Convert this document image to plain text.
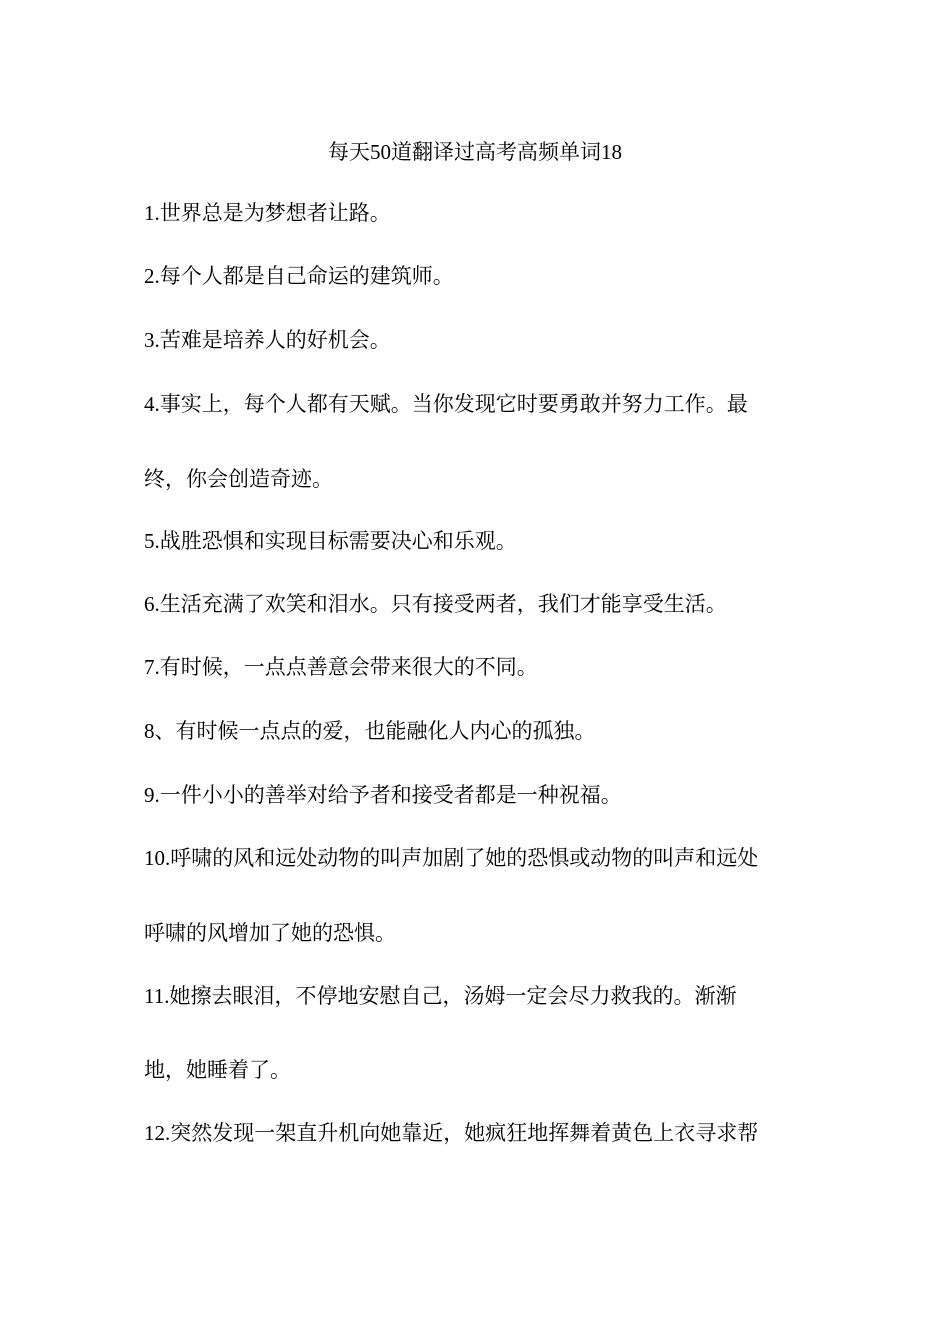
每天50道翻译过高考高频单词18
1.世界总是为梦想者让路。
2.每个人都是自己命运的建筑师。
3.苦难是培养人的好机会。
4.事实上，每个人都有天赋。当你发现它时要勇敢并努力工作。最
终，你会创造奇迹。
5.战胜恐惧和实现目标需要决心和乐观。
6.生活充满了欢笑和泪水。只有接受两者，我们才能享受生活。
7.有时候，一点点善意会带来很大的不同。
8、有时候一点点的爱，也能融化人内心的孤独。
9.一件小小的善举对给予者和接受者都是一种祝福。
10.呼啸的风和远处动物的叫声加剧了她的恐惧或动物的叫声和远处
呼啸的风增加了她的恐惧。
11.她擦去眼泪，不停地安慰自己，汤姆一定会尽力救我的。渐渐
地，她睡着了。
12.突然发现一架直升机向她靠近，她疯狂地挥舞着黄色上衣寻求帮
